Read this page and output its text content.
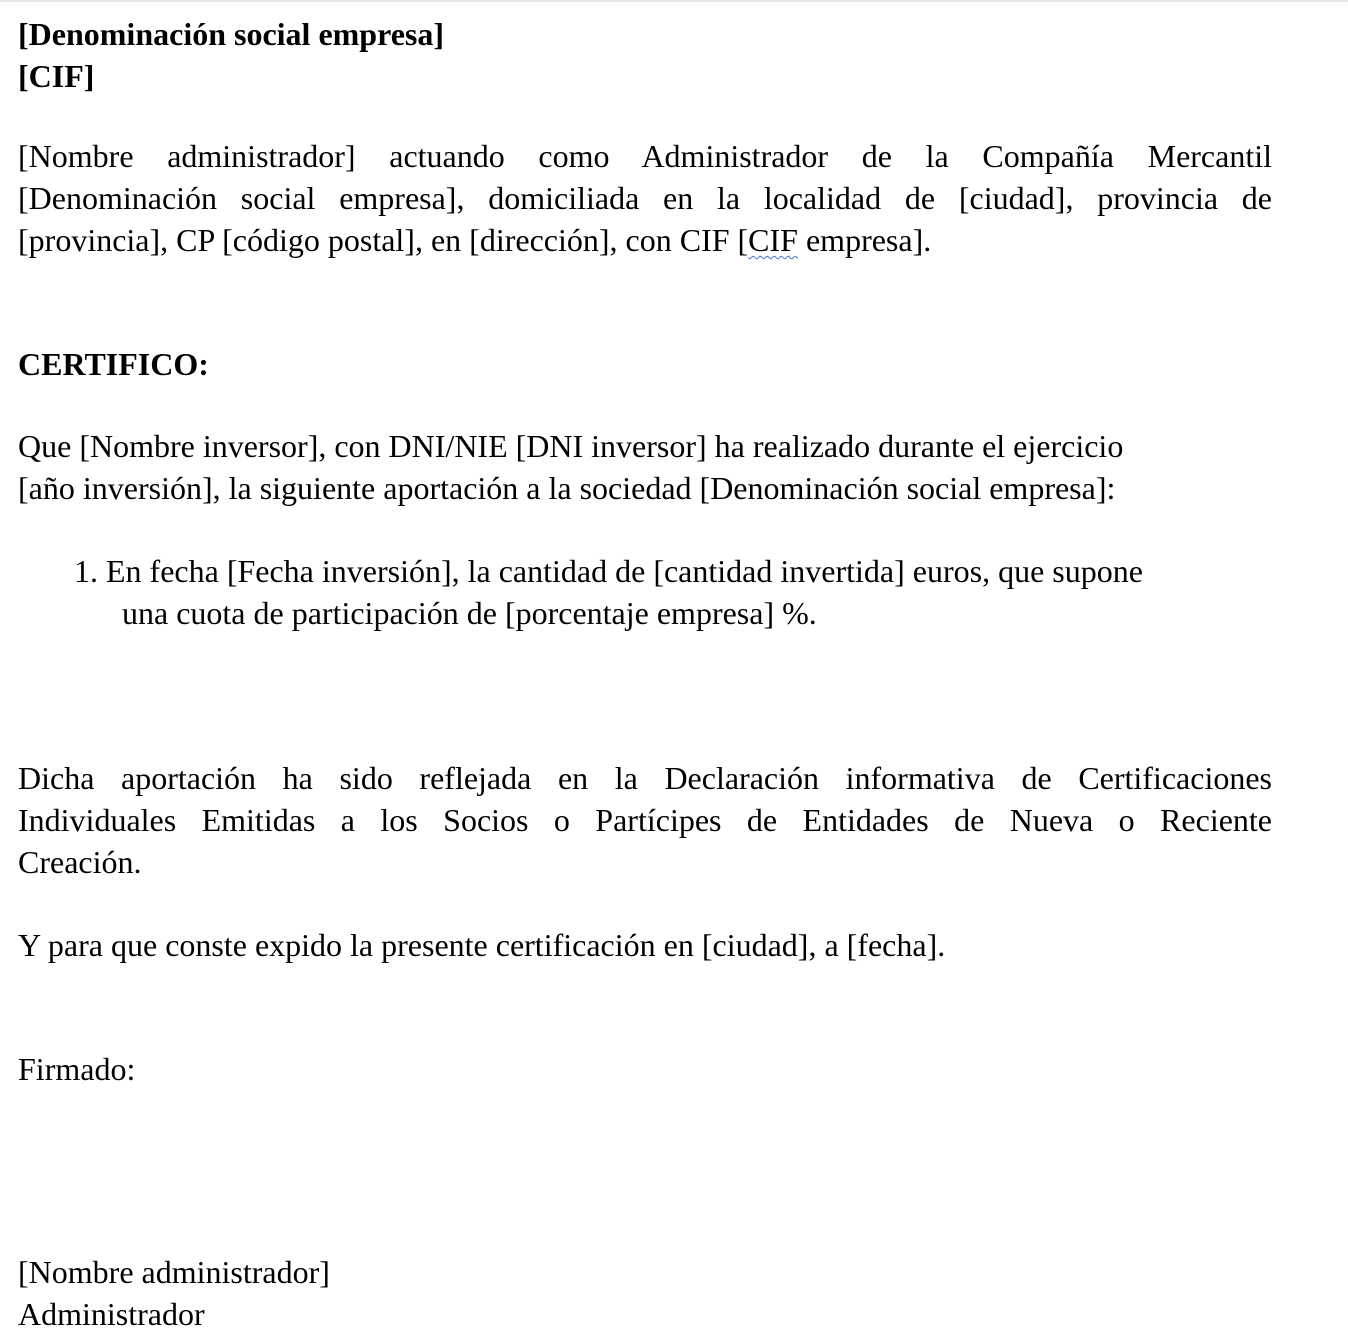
[Denominación social empresa]
[CIF]
[Nombre administrador] actuando como Administrador de la Compañía Mercantil
[Denominación social empresa], domiciliada en la localidad de [ciudad], provincia de
[provincia], CP [código postal], en [dirección], con CIF [CIF empresa].
CERTIFICO:
Que [Nombre inversor], con DNI/NIE [DNI inversor] ha realizado durante el ejercicio
[año inversión], la siguiente aportación a la sociedad [Denominación social empresa]:
1. En fecha [Fecha inversión], la cantidad de [cantidad invertida] euros, que supone
una cuota de participación de [porcentaje empresa] %.
Dicha aportación ha sido reflejada en la Declaración informativa de Certificaciones
Individuales Emitidas a los Socios o Partícipes de Entidades de Nueva o Reciente
Creación.
Y para que conste expido la presente certificación en [ciudad], a [fecha].
Firmado:
[Nombre administrador]
Administrador
